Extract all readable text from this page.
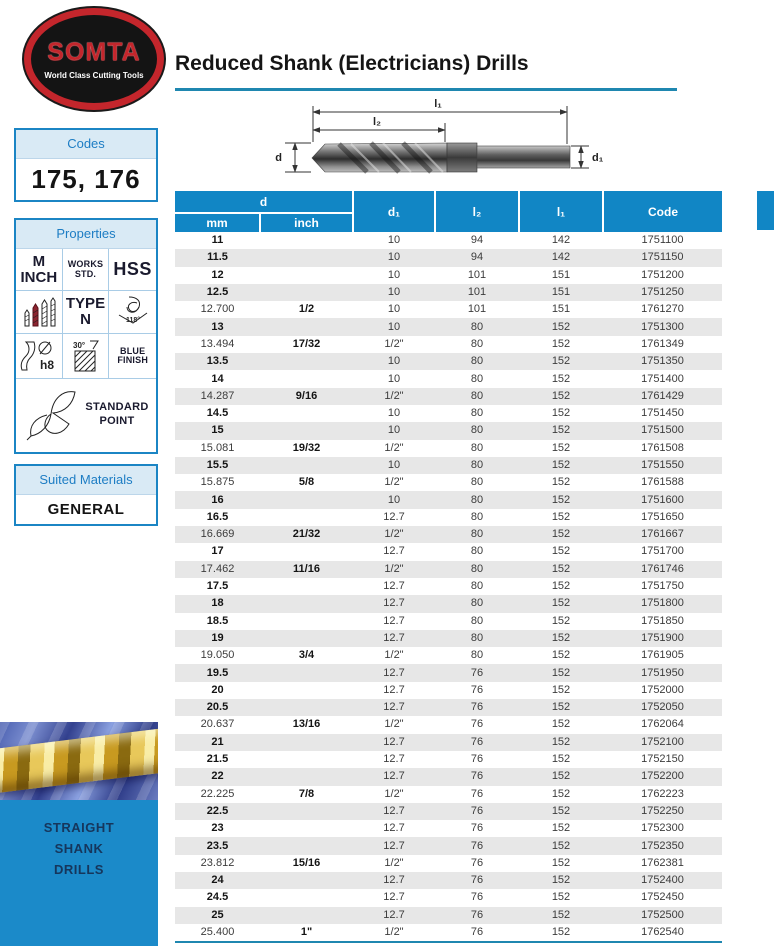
SOMTA
World Class Cutting Tools
Codes
175, 176
Properties
M
INCH
WORKS
STD. HSS
TYPE
N	118°
h8
30°
BLUE
FINISH
STANDARD
POINT
Suited Materials
GENERAL
STRAIGHT
SHANK
DRILLS
Reduced Shank (Electricians) Drills
l₁
l₂
d	d₁
d		d₁	l₂	l₁	Code
mm	inch				
11		10	94	142	1751100
11.5		10	94	142	1751150
12		10	101	151	1751200
12.5		10	101	151	1751250
12.700	1/2	10	101	151	1761270
13		10	80	152	1751300
13.494	17/32	1/2"	80	152	1761349
13.5		10	80	152	1751350
14		10	80	152	1751400
14.287	9/16	1/2"	80	152	1761429
14.5		10	80	152	1751450
15		10	80	152	1751500
15.081	19/32	1/2"	80	152	1761508
15.5		10	80	152	1751550
15.875	5/8	1/2"	80	152	1761588
16		10	80	152	1751600
16.5		12.7	80	152	1751650
16.669	21/32	1/2"	80	152	1761667
17		12.7	80	152	1751700
17.462	11/16	1/2"	80	152	1761746
17.5		12.7	80	152	1751750
18		12.7	80	152	1751800
18.5		12.7	80	152	1751850
19		12.7	80	152	1751900
19.050	3/4	1/2"	80	152	1761905
19.5		12.7	76	152	1751950
20		12.7	76	152	1752000
20.5		12.7	76	152	1752050
20.637	13/16	1/2"	76	152	1762064
21		12.7	76	152	1752100
21.5		12.7	76	152	1752150
22		12.7	76	152	1752200
22.225	7/8	1/2"	76	152	1762223
22.5		12.7	76	152	1752250
23		12.7	76	152	1752300
23.5		12.7	76	152	1752350
23.812	15/16	1/2"	76	152	1762381
24		12.7	76	152	1752400
24.5		12.7	76	152	1752450
25		12.7	76	152	1752500
25.400	1"	1/2"	76	152	1762540
